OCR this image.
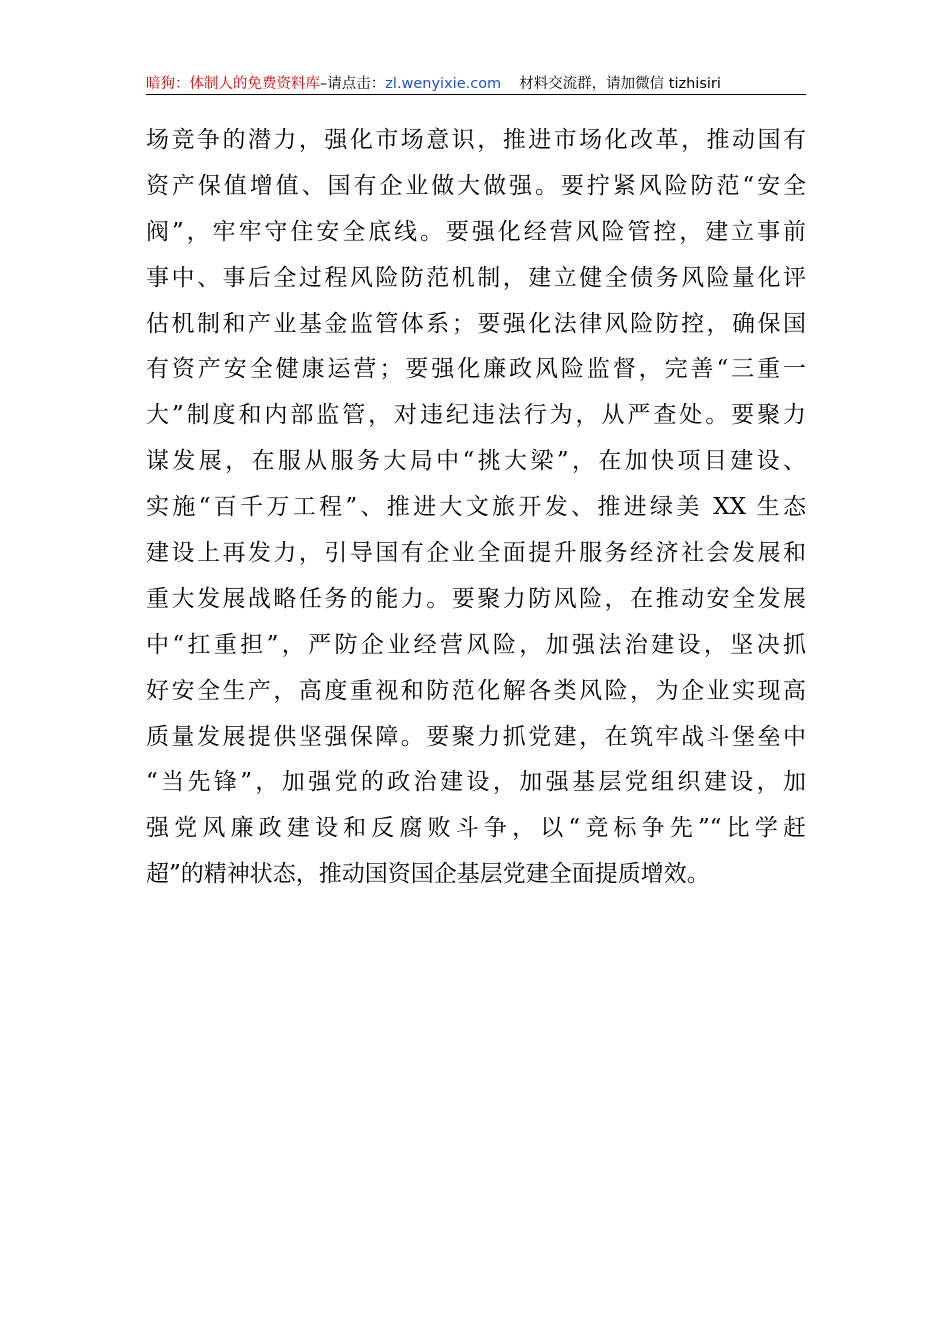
暗狗：体制人的免费资料库 –请点击： zl.wenyixie.com 材料交流群，请加微信 tizhisiri
场竞争的潜力，强化市场意识，推进市场化改革，推动国有
资产保值增值、国有企业做大做强。要拧紧风险防范“安全
阀”，牢牢守住安全底线。要强化经营风险管控，建立事前
事中、事后全过程风险防范机制，建立健全债务风险量化评
估机制和产业基金监管体系；要强化法律风险防控，确保国
有资产安全健康运营；要强化廉政风险监督，完善“三重一
大”制度和内部监管，对违纪违法行为，从严查处。要聚力
谋发展，在服从服务大局中“挑大梁”，在加快项目建设、
实施“百千万工程”、推进大文旅开发、推进绿美 XX 生态
建设上再发力，引导国有企业全面提升服务经济社会发展和
重大发展战略任务的能力。要聚力防风险，在推动安全发展
中“扛重担”，严防企业经营风险，加强法治建设，坚决抓
好安全生产，高度重视和防范化解各类风险，为企业实现高
质量发展提供坚强保障。要聚力抓党建，在筑牢战斗堡垒中
“当先锋”，加强党的政治建设，加强基层党组织建设，加
强党风廉政建设和反腐败斗争，以“竞标争先”“比学赶
超”的精神状态，推动国资国企基层党建全面提质增效。
